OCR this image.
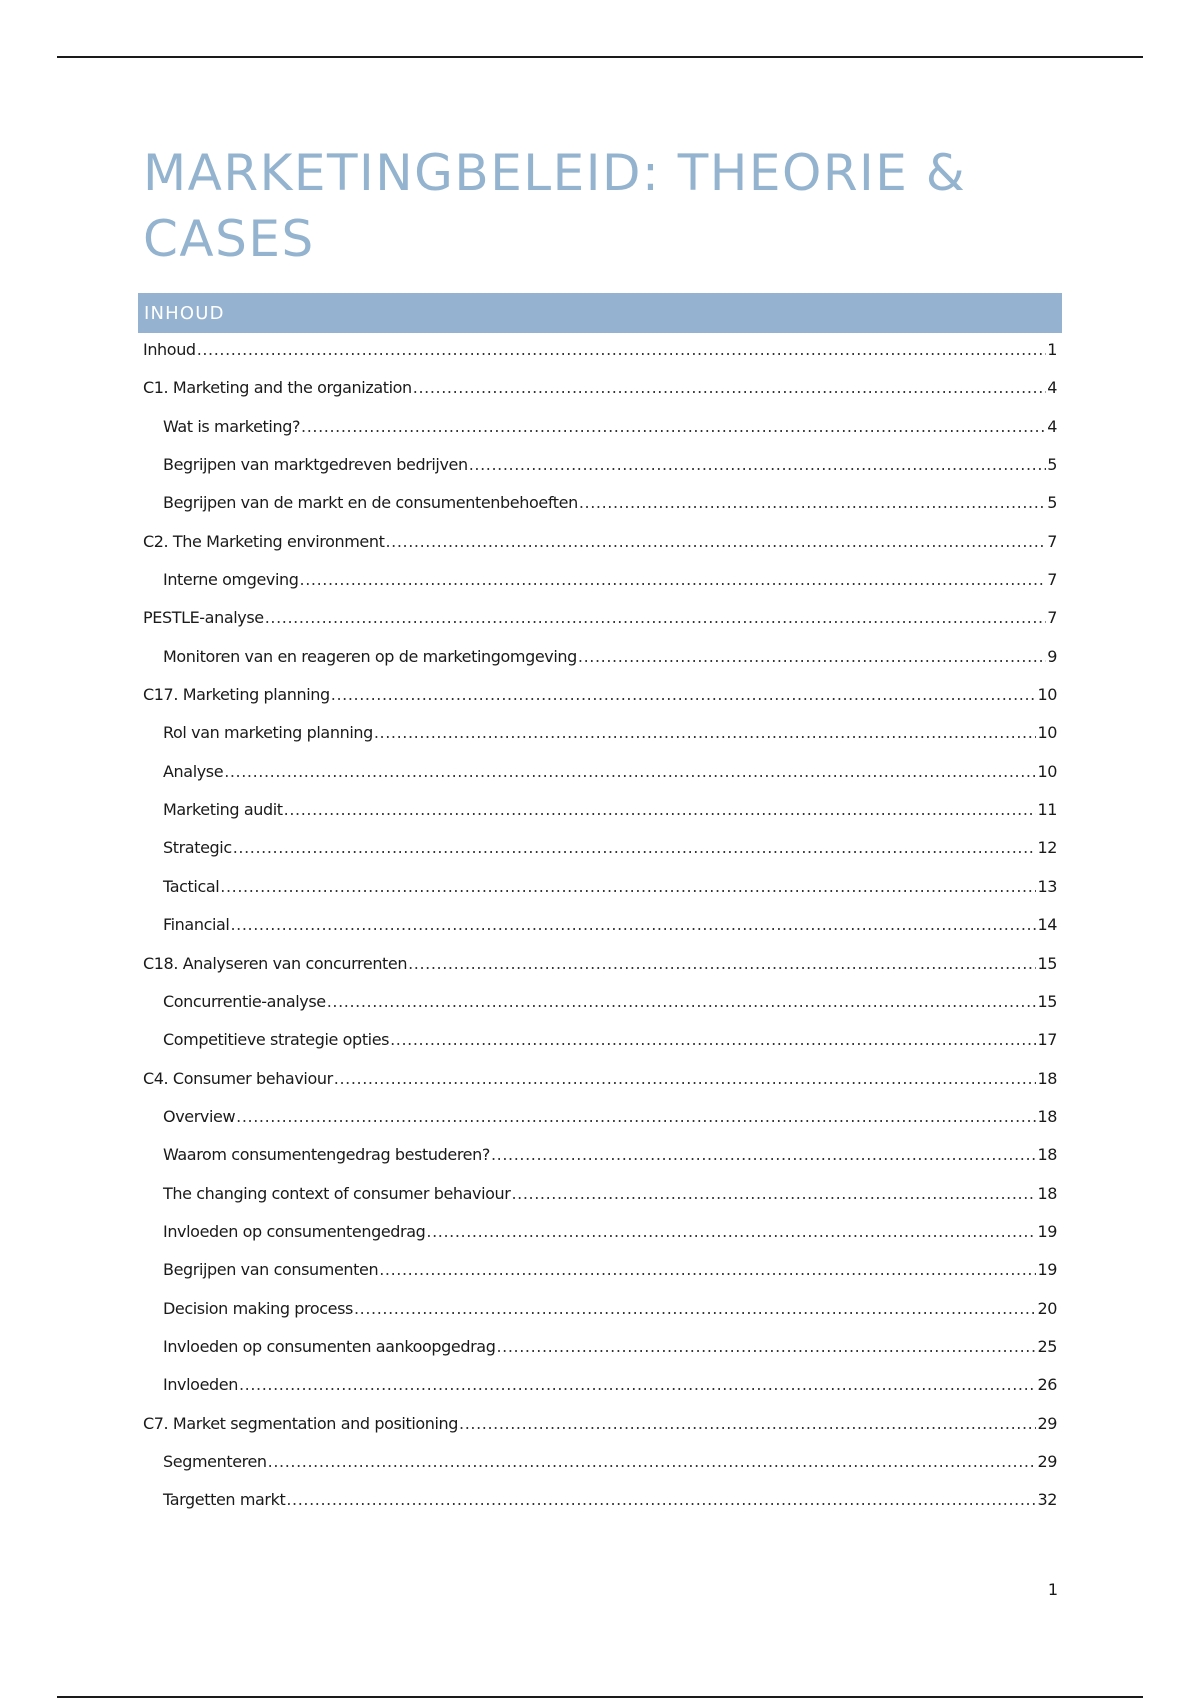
MARKETINGBELEID: THEORIE & CASES
INHOUD
Inhoud .....	1
C1. Marketing and the organization .....	4
Wat is marketing? .....	4
Begrijpen van marktgedreven bedrijven .....	5
Begrijpen van de markt en de consumentenbehoeften .....	5
C2. The Marketing environment .....	7
Interne omgeving .....	7
PESTLE-analyse .....	7
Monitoren van en reageren op de marketingomgeving .....	9
C17. Marketing planning .....	10
Rol van marketing planning .....	10
Analyse .....	10
Marketing audit .....	11
Strategic .....	12
Tactical .....	13
Financial .....	14
C18. Analyseren van concurrenten .....	15
Concurrentie-analyse .....	15
Competitieve strategie opties .....	17
C4. Consumer behaviour .....	18
Overview .....	18
Waarom consumentengedrag bestuderen? .....	18
The changing context of consumer behaviour .....	18
Invloeden op consumentengedrag .....	19
Begrijpen van consumenten .....	19
Decision making process .....	20
Invloeden op consumenten aankoopgedrag .....	25
Invloeden .....	26
C7. Market segmentation and positioning .....	29
Segmenteren .....	29
Targetten markt .....	32
1
